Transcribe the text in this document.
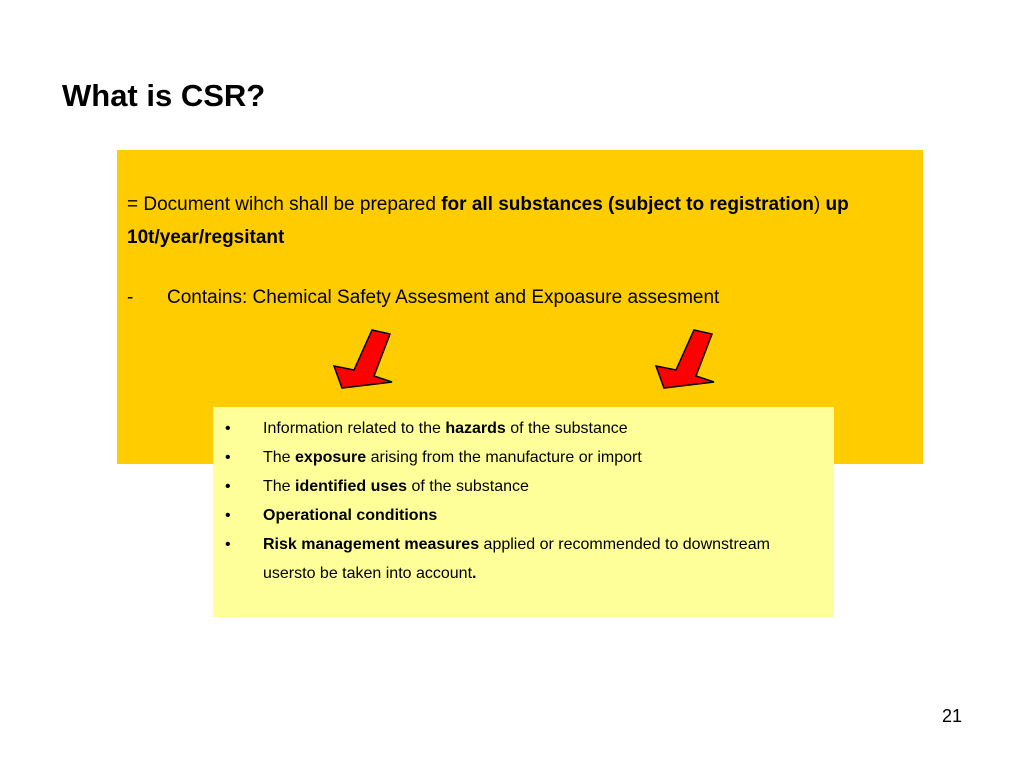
What is CSR?
= Document wihch shall be prepared for all substances (subject to registration) up 10t/year/regsitant
- Contains: Chemical Safety Assesment and Expoasure assesment
• Information related to the hazards of the substance
• The exposure arising from the manufacture or import
• The identified uses of the substance
• Operational conditions
• Risk management measures applied or recommended to downstream usersto be taken into account.
21
